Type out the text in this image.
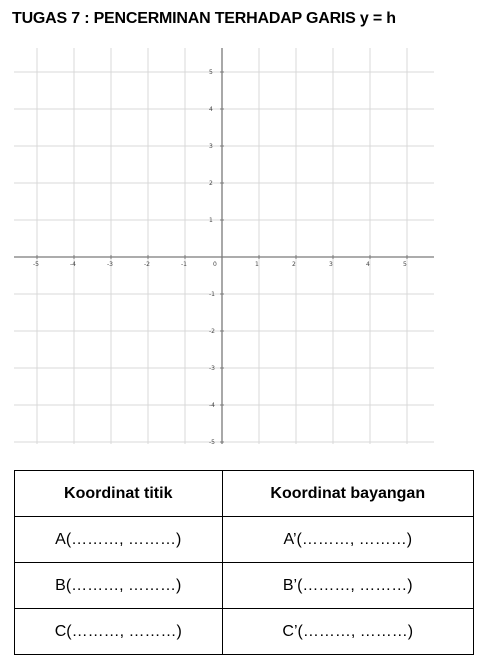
TUGAS 7 : PENCERMINAN TERHADAP GARIS y = h
-5	-4	-3	-2	-1	0	1	2	3	4	5
-5
-4
-3
-2
-1
1
2
3
4
5
Koordinat titik	Koordinat bayangan
A(………, ………)	A’(………, ………)
B(………, ………)	B’(………, ………)
C(………, ………)	C’(………, ………)
